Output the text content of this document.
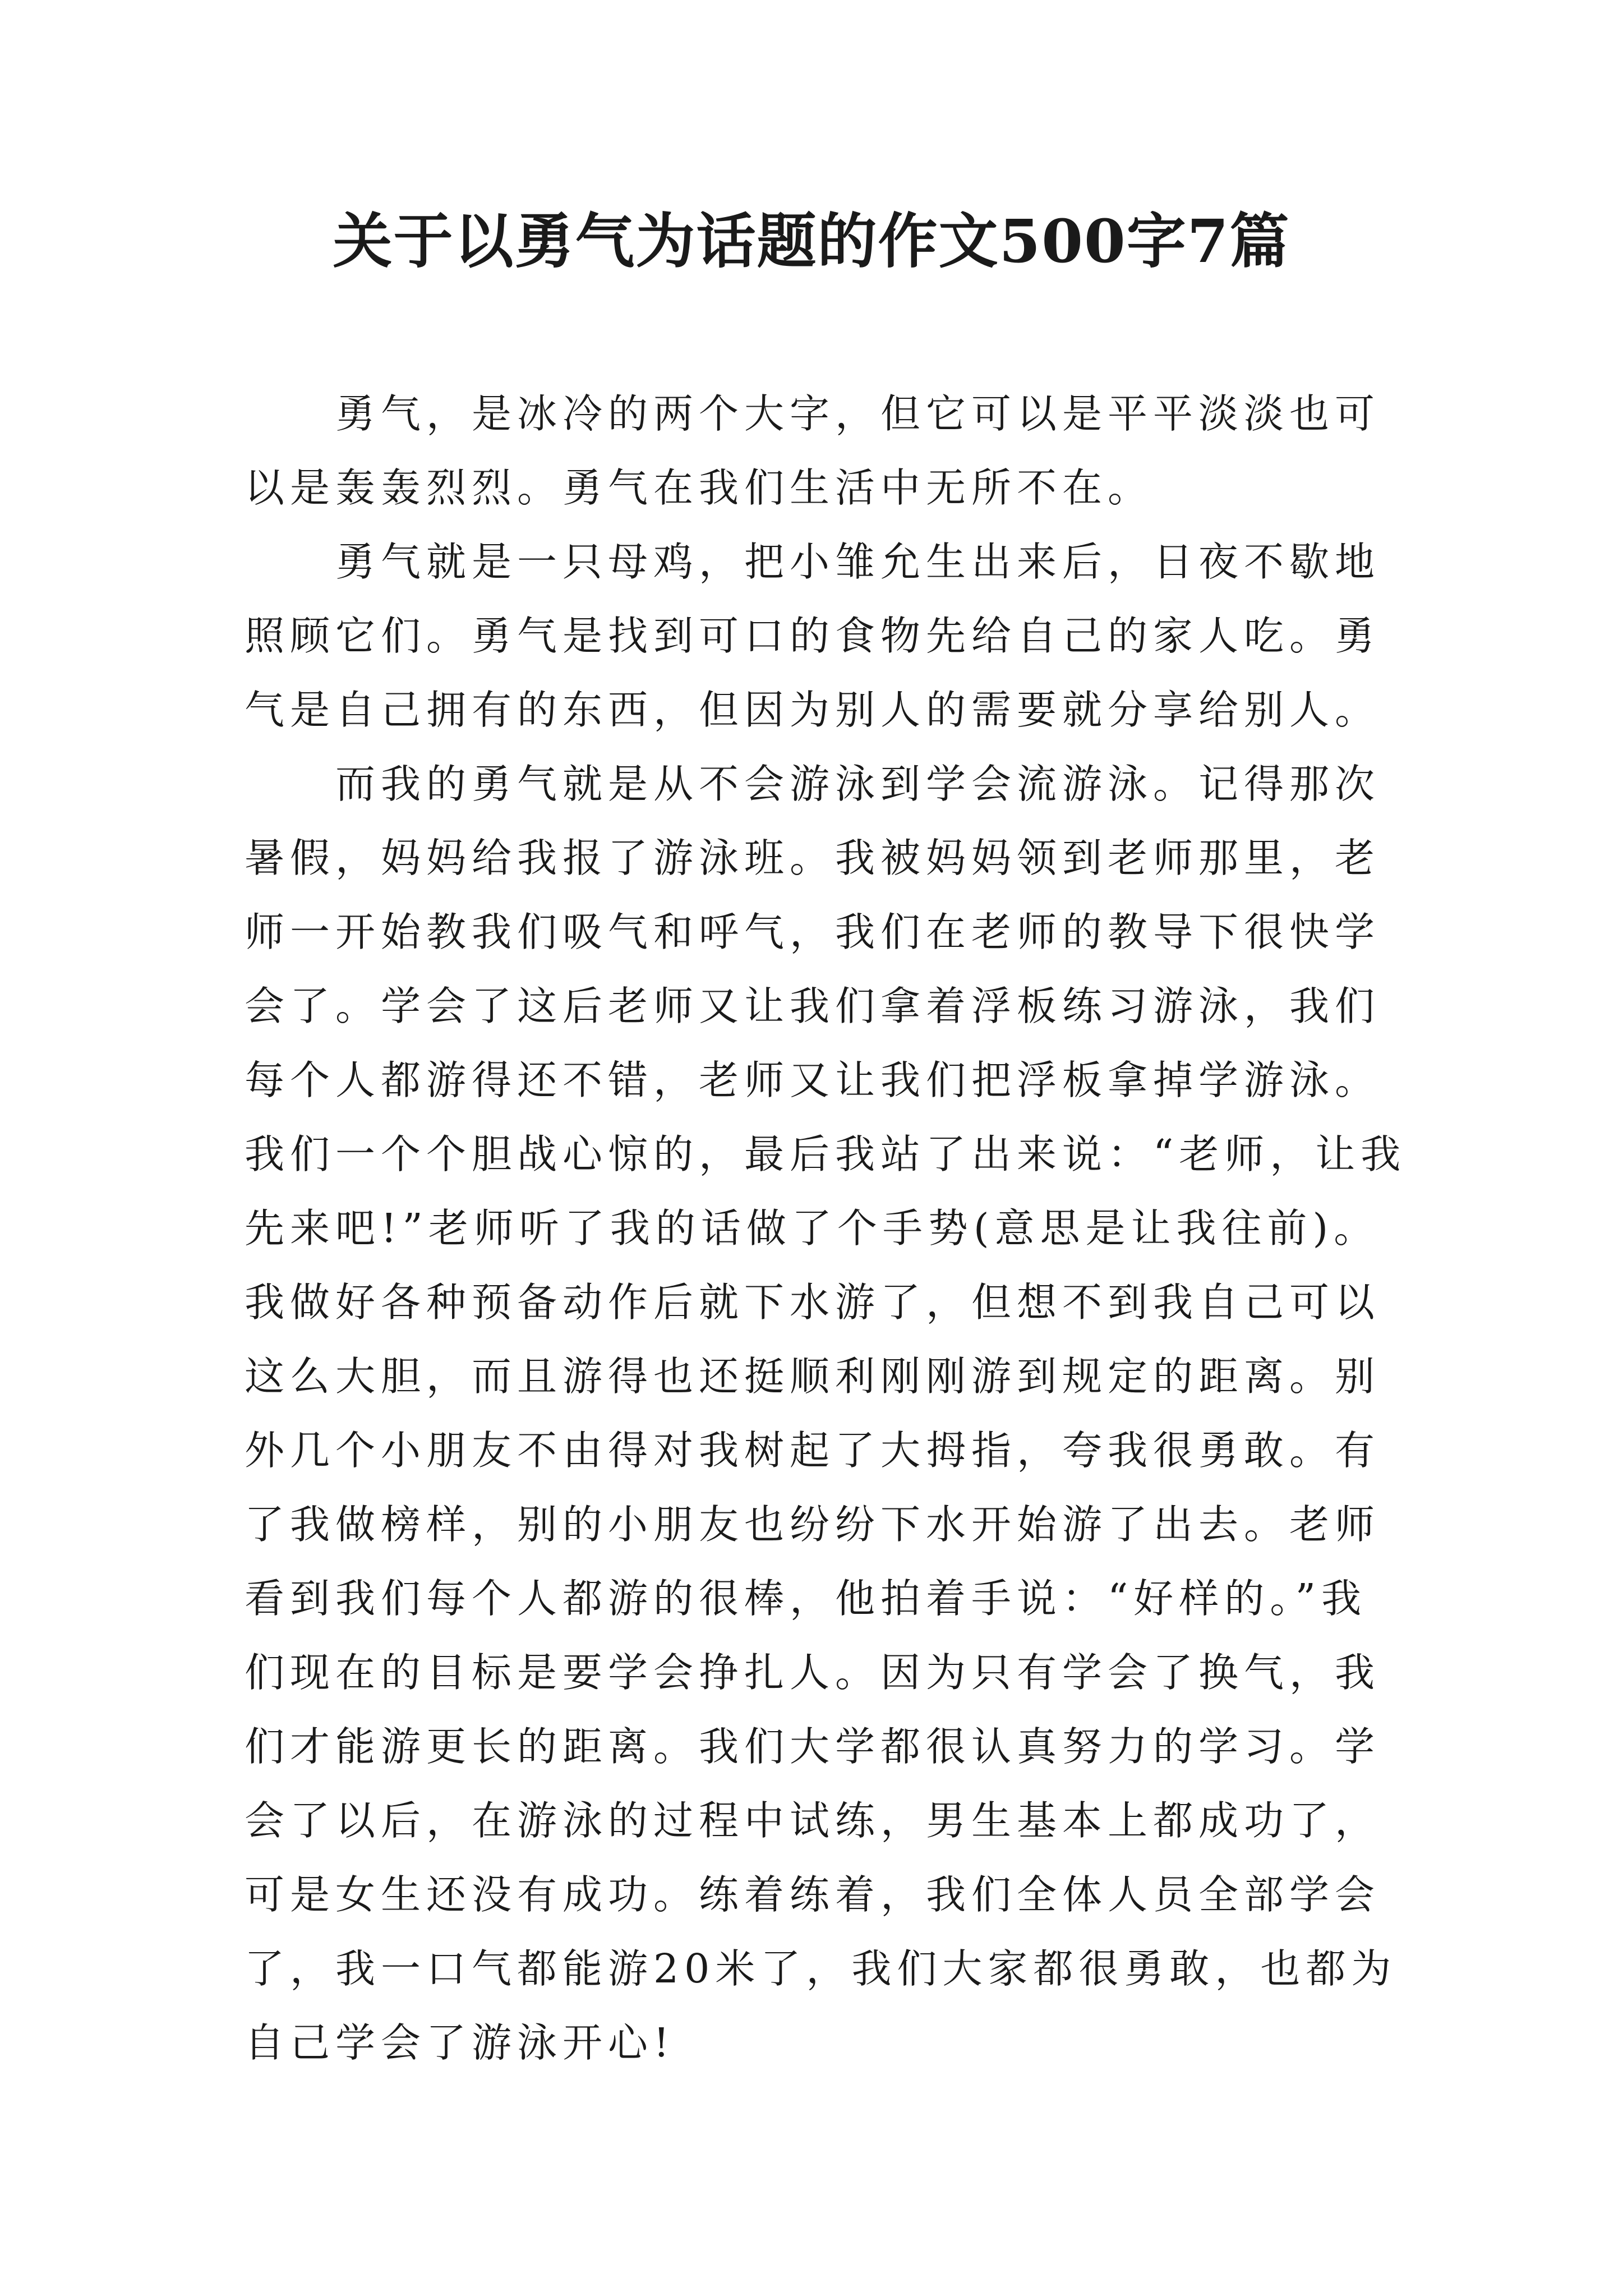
关于以勇气为话题的作文500字7篇

勇气，是冰冷的两个大字，但它可以是平平淡淡也可以是轰轰烈烈。勇气在我们生活中无所不在。

勇气就是一只母鸡，把小雏允生出来后，日夜不歇地照顾它们。勇气是找到可口的食物先给自己的家人吃。勇气是自己拥有的东西，但因为别人的需要就分享给别人。

而我的勇气就是从不会游泳到学会流游泳。记得那次暑假，妈妈给我报了游泳班。我被妈妈领到老师那里，老师一开始教我们吸气和呼气，我们在老师的教导下很快学会了。学会了这后老师又让我们拿着浮板练习游泳，我们每个人都游得还不错，老师又让我们把浮板拿掉学游泳。我们一个个胆战心惊的，最后我站了出来说：“老师，让我先来吧!”老师听了我的话做了个手势(意思是让我往前)。我做好各种预备动作后就下水游了，但想不到我自己可以这么大胆，而且游得也还挺顺利刚刚游到规定的距离。别外几个小朋友不由得对我树起了大拇指，夸我很勇敢。有了我做榜样，别的小朋友也纷纷下水开始游了出去。老师看到我们每个人都游的很棒，他拍着手说：“好样的。”我们现在的目标是要学会挣扎人。因为只有学会了换气，我们才能游更长的距离。我们大学都很认真努力的学习。学会了以后，在游泳的过程中试练，男生基本上都成功了，可是女生还没有成功。练着练着，我们全体人员全部学会了，我一口气都能游20米了，我们大家都很勇敢，也都为自己学会了游泳开心!
